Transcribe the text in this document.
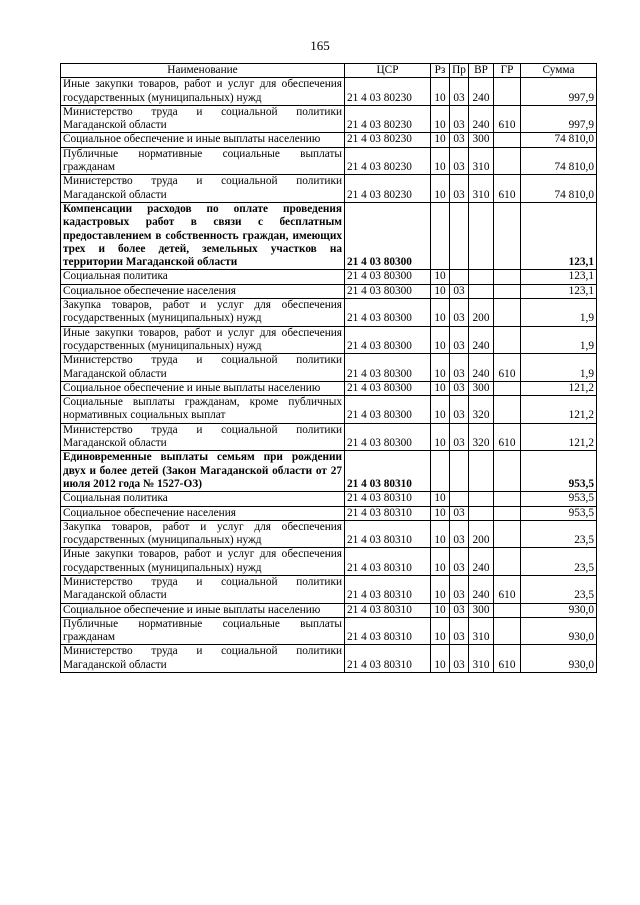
165
Наименование	ЦСР	Рз	Пр	ВР	ГР	Сумма
Иные закупки товаров, работ и услуг для обеспечения государственных (муниципальных) нужд	21 4 03 80230	10	03	240		997,9
Министерство труда и социальной политики Магаданской области	21 4 03 80230	10	03	240	610	997,9
Социальное обеспечение и иные выплаты населению	21 4 03 80230	10	03	300		74 810,0
Публичные нормативные социальные выплаты гражданам	21 4 03 80230	10	03	310		74 810,0
Министерство труда и социальной политики Магаданской области	21 4 03 80230	10	03	310	610	74 810,0
Компенсации расходов по оплате проведения кадастровых работ в связи с бесплатным предоставлением в собственность граждан, имеющих трех и более детей, земельных участков на территории Магаданской области	21 4 03 80300					123,1
Социальная политика	21 4 03 80300	10				123,1
Социальное обеспечение населения	21 4 03 80300	10	03			123,1
Закупка товаров, работ и услуг для обеспечения государственных (муниципальных) нужд	21 4 03 80300	10	03	200		1,9
Иные закупки товаров, работ и услуг для обеспечения государственных (муниципальных) нужд	21 4 03 80300	10	03	240		1,9
Министерство труда и социальной политики Магаданской области	21 4 03 80300	10	03	240	610	1,9
Социальное обеспечение и иные выплаты населению	21 4 03 80300	10	03	300		121,2
Социальные выплаты гражданам, кроме публичных нормативных социальных выплат	21 4 03 80300	10	03	320		121,2
Министерство труда и социальной политики Магаданской области	21 4 03 80300	10	03	320	610	121,2
Единовременные выплаты семьям при рождении двух и более детей (Закон Магаданской области от 27 июля 2012 года № 1527-ОЗ)	21 4 03 80310					953,5
Социальная политика	21 4 03 80310	10				953,5
Социальное обеспечение населения	21 4 03 80310	10	03			953,5
Закупка товаров, работ и услуг для обеспечения государственных (муниципальных) нужд	21 4 03 80310	10	03	200		23,5
Иные закупки товаров, работ и услуг для обеспечения государственных (муниципальных) нужд	21 4 03 80310	10	03	240		23,5
Министерство труда и социальной политики Магаданской области	21 4 03 80310	10	03	240	610	23,5
Социальное обеспечение и иные выплаты населению	21 4 03 80310	10	03	300		930,0
Публичные нормативные социальные выплаты гражданам	21 4 03 80310	10	03	310		930,0
Министерство труда и социальной политики Магаданской области	21 4 03 80310	10	03	310	610	930,0
